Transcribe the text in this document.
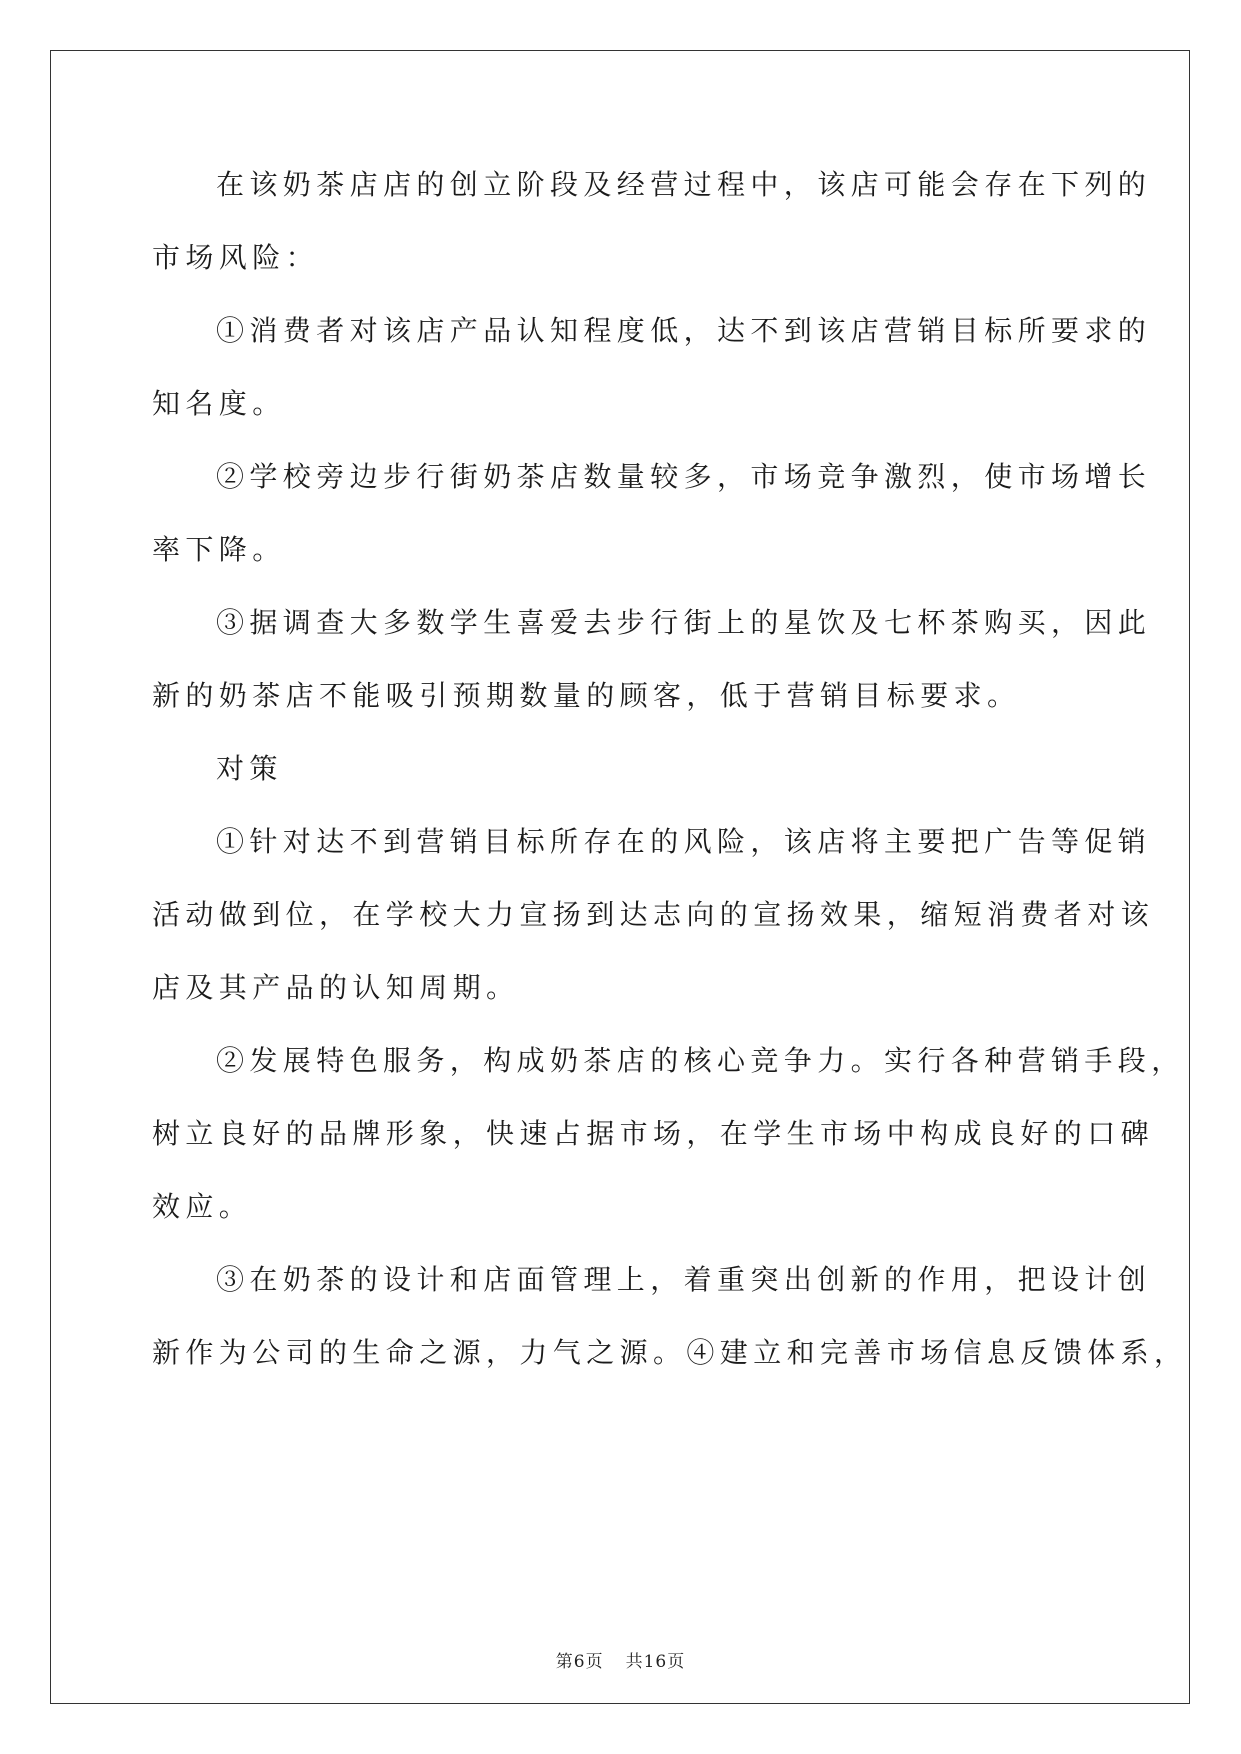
在该奶茶店店的创立阶段及经营过程中，该店可能会存在下列的
市场风险：
①消费者对该店产品认知程度低，达不到该店营销目标所要求的
知名度。
②学校旁边步行街奶茶店数量较多，市场竞争激烈，使市场增长
率下降。
③据调查大多数学生喜爱去步行街上的星饮及七杯茶购买，因此
新的奶茶店不能吸引预期数量的顾客，低于营销目标要求。
对策
①针对达不到营销目标所存在的风险，该店将主要把广告等促销
活动做到位，在学校大力宣扬到达志向的宣扬效果，缩短消费者对该
店及其产品的认知周期。
②发展特色服务，构成奶茶店的核心竞争力。实行各种营销手段，
树立良好的品牌形象，快速占据市场，在学生市场中构成良好的口碑
效应。
③在奶茶的设计和店面管理上，着重突出创新的作用，把设计创
新作为公司的生命之源，力气之源。④建立和完善市场信息反馈体系，
第6页 共16页
